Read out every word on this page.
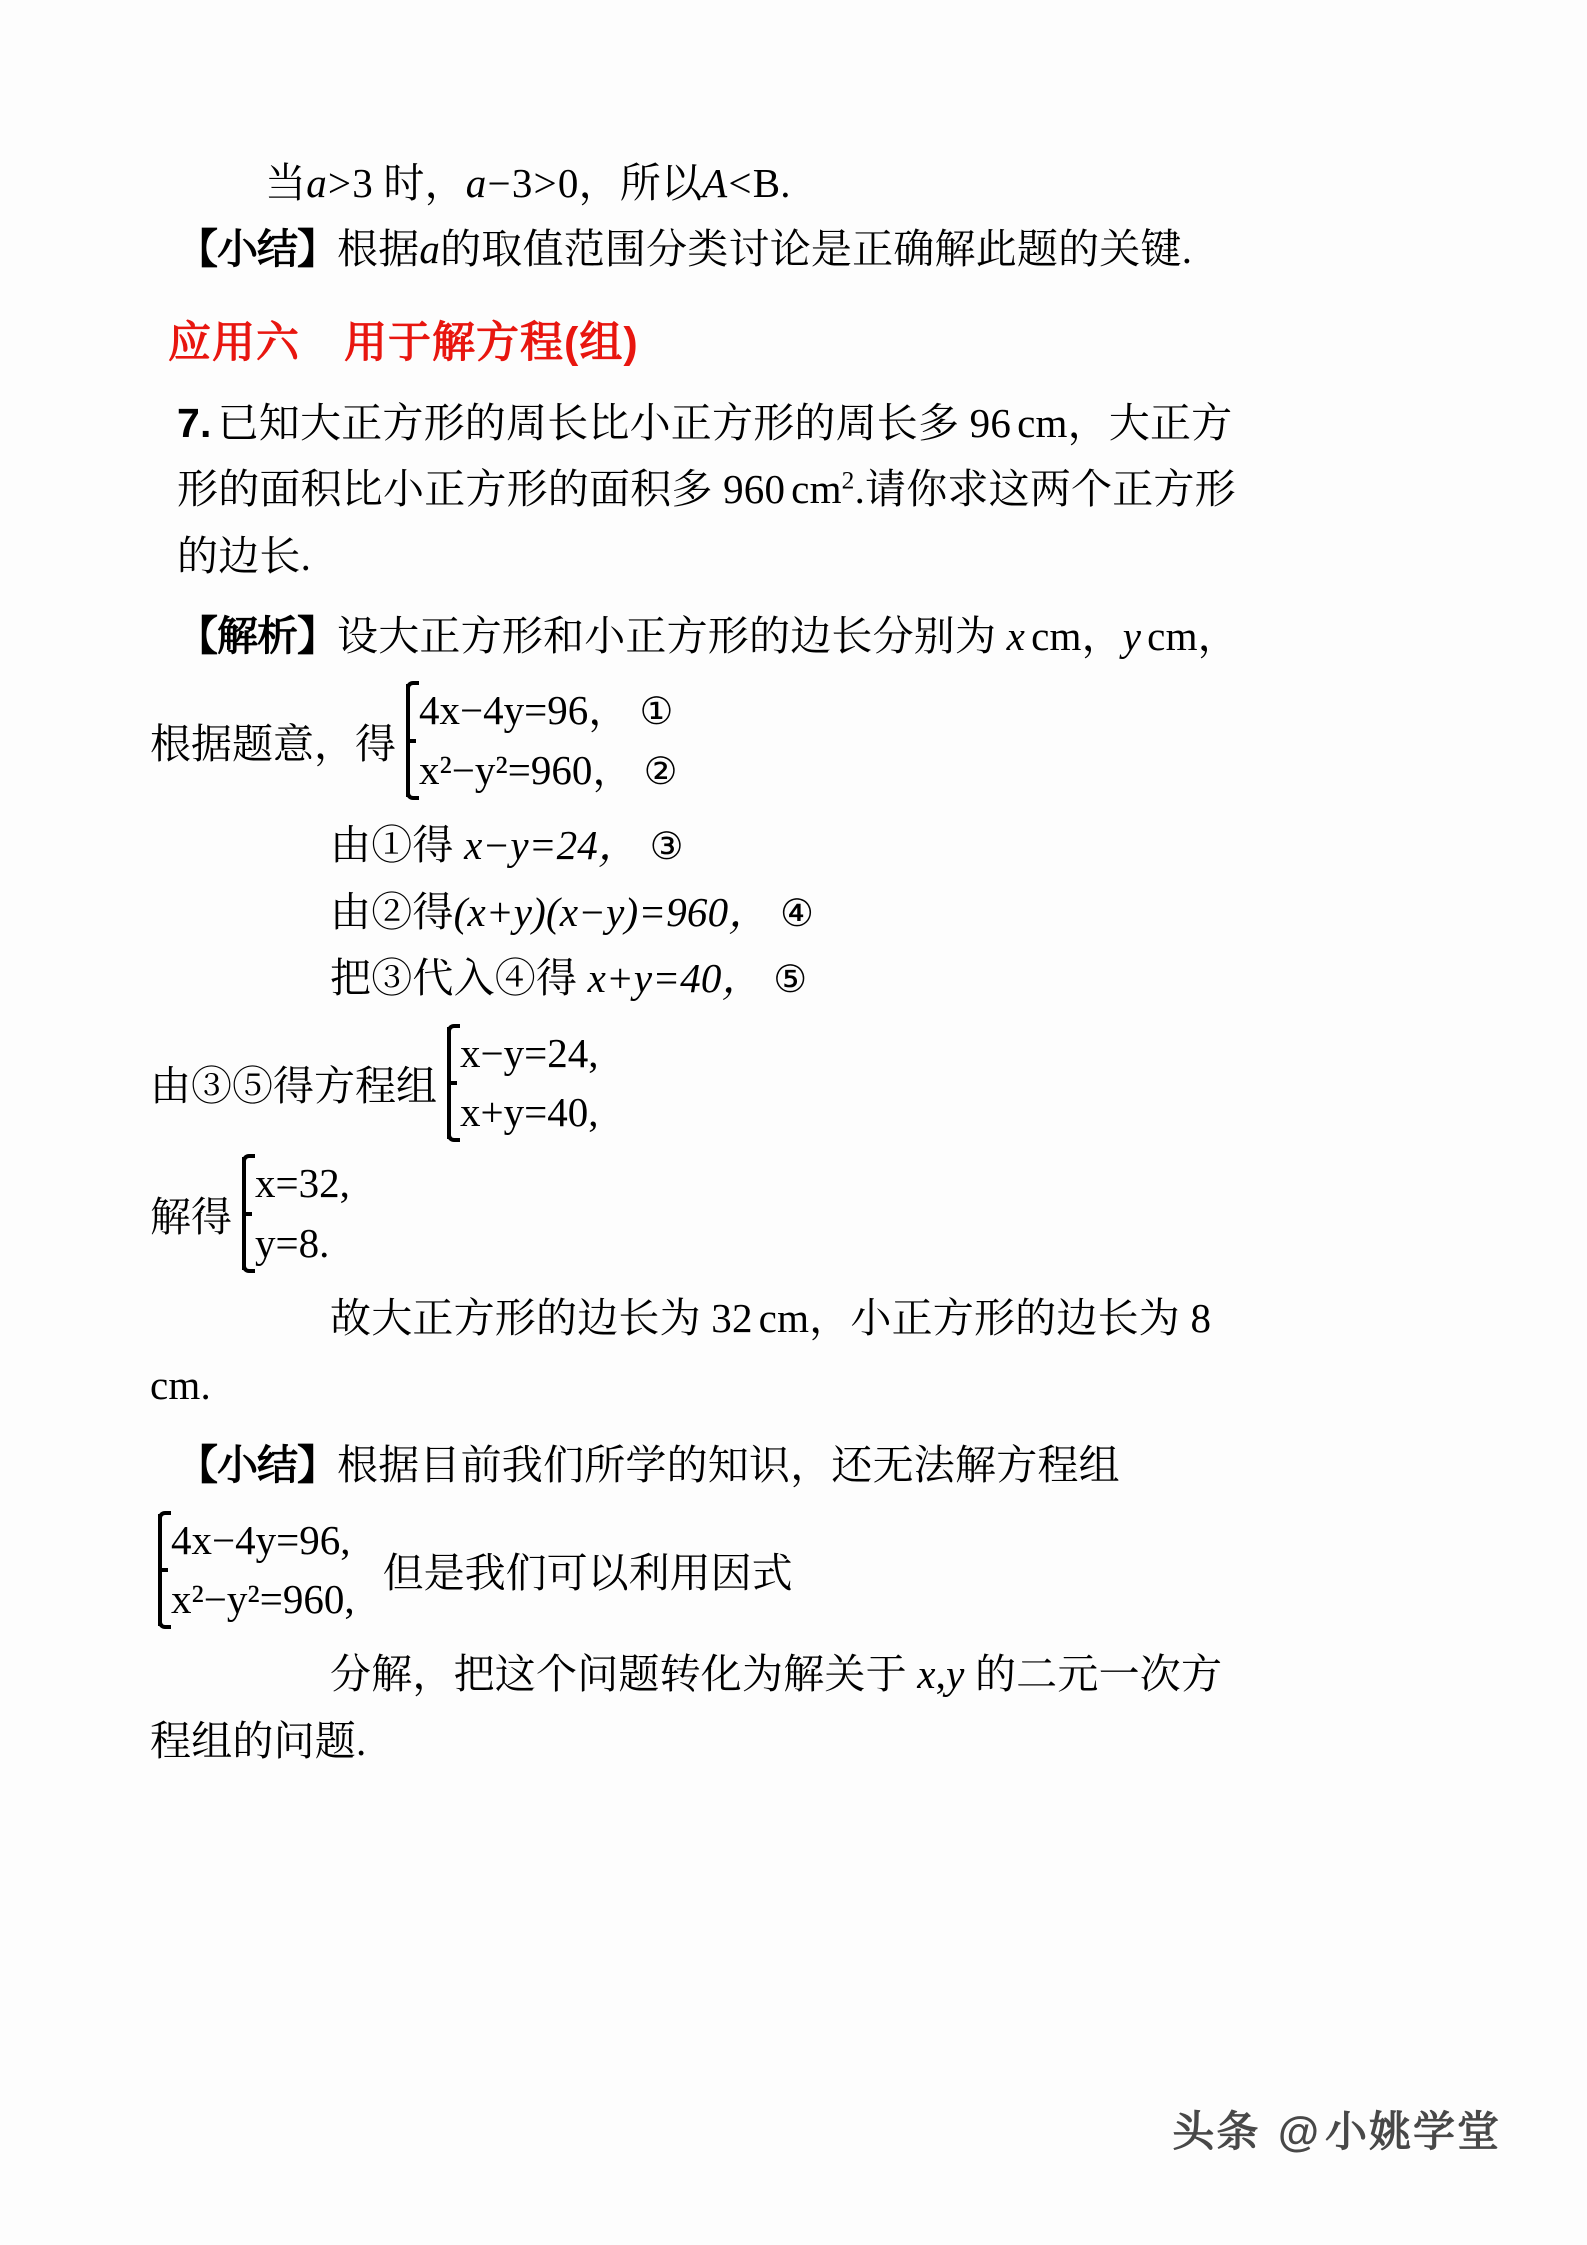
当a>3 时，a−3>0，所以A<B.
【小结】根据a的取值范围分类讨论是正确解此题的关键.
应用六 用于解方程(组)
7. 已知大正方形的周长比小正方形的周长多 96 cm，大正方
形的面积比小正方形的面积多 960 $cm^2$.请你求这两个正方形
的边长.
【解析】设大正方形和小正方形的边长分别为 x cm，y cm，
根据题意，得
4x−4y=96， ①
x²−y²=960， ②
由①得 x−y=24， ③
由②得(x+y)(x−y)=960， ④
把③代入④得 x+y=40， ⑤
由③⑤得方程组
x−y=24,
x+y=40,
解得
x=32,
y=8.
故大正方形的边长为 32 cm，小正方形的边长为 8
cm.
【小结】根据目前我们所学的知识，还无法解方程组
4x−4y=96,
x²−y²=960,
但是我们可以利用因式
分解，把这个问题转化为解关于 x,y 的二元一次方
程组的问题.
头条 @小姚学堂
